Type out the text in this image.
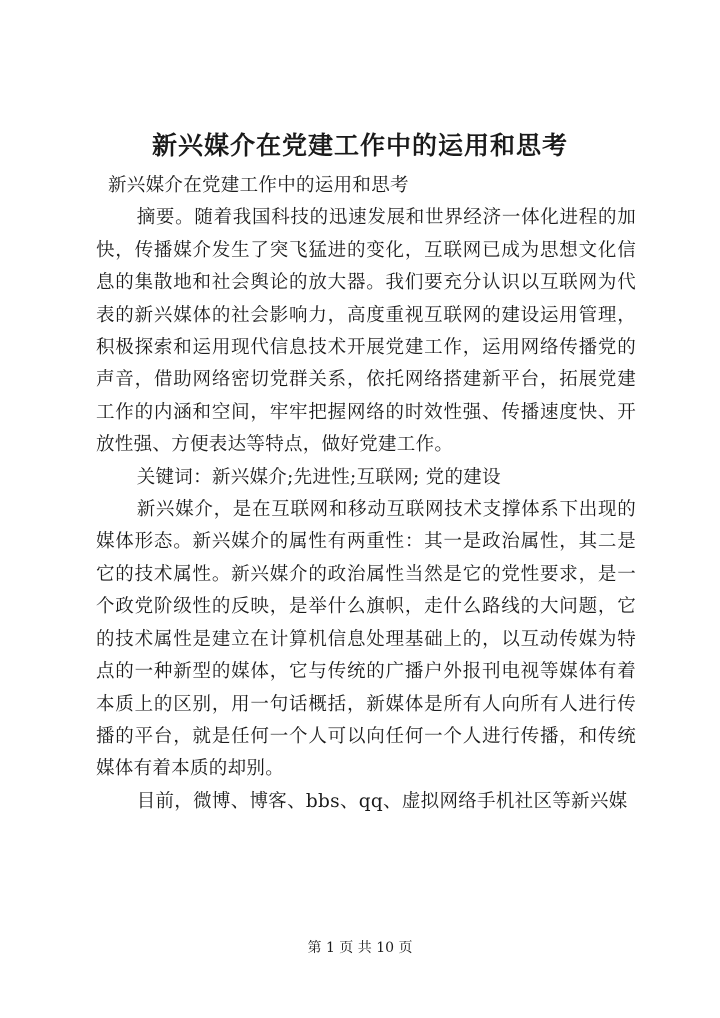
新兴媒介在党建工作中的运用和思考

新兴媒介在党建工作中的运用和思考

摘要。随着我国科技的迅速发展和世界经济一体化进程的加快，传播媒介发生了突飞猛进的变化，互联网已成为思想文化信息的集散地和社会舆论的放大器。我们要充分认识以互联网为代表的新兴媒体的社会影响力，高度重视互联网的建设运用管理，积极探索和运用现代信息技术开展党建工作，运用网络传播党的声音，借助网络密切党群关系，依托网络搭建新平台，拓展党建工作的内涵和空间，牢牢把握网络的时效性强、传播速度快、开放性强、方便表达等特点，做好党建工作。

关键词：新兴媒介;先进性;互联网; 党的建设

新兴媒介，是在互联网和移动互联网技术支撑体系下出现的媒体形态。新兴媒介的属性有两重性：其一是政治属性，其二是它的技术属性。新兴媒介的政治属性当然是它的党性要求，是一个政党阶级性的反映，是举什么旗帜，走什么路线的大问题，它的技术属性是建立在计算机信息处理基础上的，以互动传媒为特点的一种新型的媒体，它与传统的广播户外报刊电视等媒体有着本质上的区别，用一句话概括，新媒体是所有人向所有人进行传播的平台，就是任何一个人可以向任何一个人进行传播，和传统媒体有着本质的却别。

目前，微博、博客、bbs、qq、虚拟网络手机社区等新兴媒

第 1 页 共 10 页
